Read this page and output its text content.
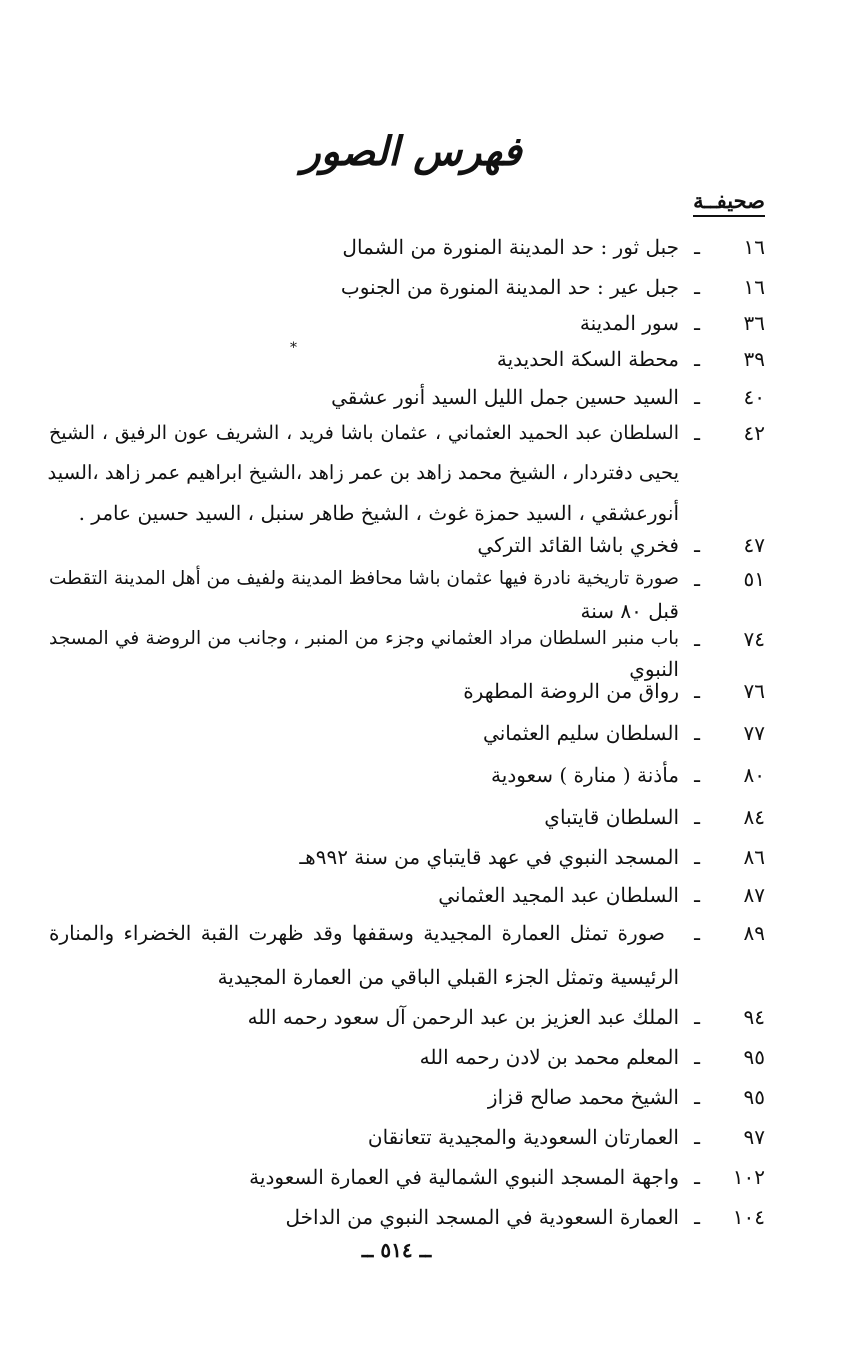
فهرس الصور
صحيفــة
*
١٦
ـ
جبل ثور : حد المدينة المنورة من الشمال
١٦
ـ
جبل عير : حد المدينة المنورة من الجنوب
٣٦
ـ
سور المدينة
٣٩
ـ
محطة السكة الحديدية
٤٠
ـ
السيد حسين جمل الليل السيد أنور عشقي
٤٢
ـ
السلطان عبد الحميد العثماني ، عثمان باشا فريد ، الشريف عون الرفيق ، الشيخ
يحيى دفتردار ، الشيخ محمد زاهد بن عمر زاهد ،الشيخ ابراهيم عمر زاهد ،السيد
أنورعشقي ، السيد حمزة غوث ، الشيخ طاهر سنبل ، السيد حسين عامر .
٤٧
ـ
فخري باشا القائد التركي
٥١
ـ
صورة تاريخية نادرة فيها عثمان باشا محافظ المدينة ولفيف من أهل المدينة التقطت
قبل ٨٠ سنة
٧٤
ـ
باب منبر السلطان مراد العثماني وجزء من المنبر ، وجانب من الروضة في المسجد
النبوي
٧٦
ـ
رواق من الروضة المطهرة
٧٧
ـ
السلطان سليم العثماني
٨٠
ـ
مأذنة ( منارة ) سعودية
٨٤
ـ
السلطان قايتباي
٨٦
ـ
المسجد النبوي في عهد قايتباي من سنة ٩٩٢هـ
٨٧
ـ
السلطان عبد المجيد العثماني
٨٩
ـ
صورة تمثل العمارة المجيدية وسقفها وقد ظهرت القبة الخضراء والمنارة
الرئيسية وتمثل الجزء القبلي الباقي من العمارة المجيدية
٩٤
ـ
الملك عبد العزيز بن عبد الرحمن آل سعود رحمه الله
٩٥
ـ
المعلم محمد بن لادن رحمه الله
٩٥
ـ
الشيخ محمد صالح قزاز
٩٧
ـ
العمارتان السعودية والمجيدية تتعانقان
١٠٢
ـ
واجهة المسجد النبوي الشمالية في العمارة السعودية
١٠٤
ـ
العمارة السعودية في المسجد النبوي من الداخل
ــ ٥١٤ ــ
